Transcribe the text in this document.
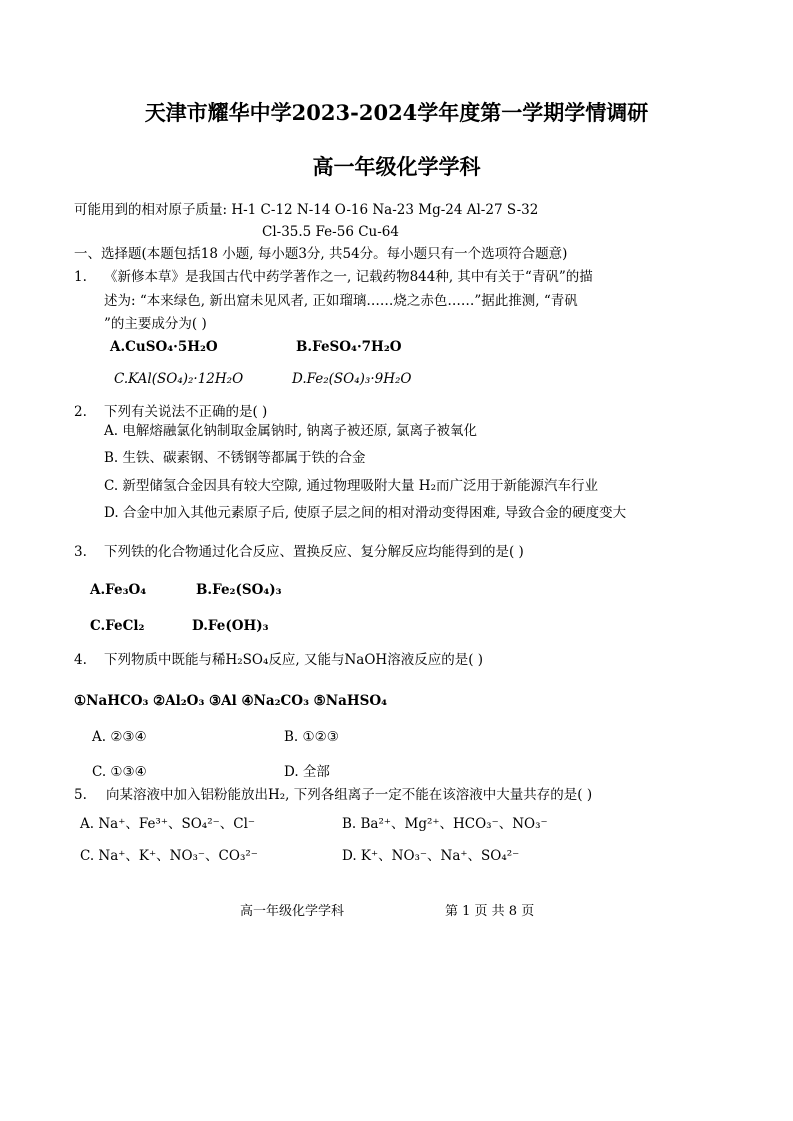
天津市耀华中学2023-2024学年度第一学期学情调研
高一年级化学学科
可能用到的相对原子质量: H-1 C-12 N-14 O-16 Na-23 Mg-24 Al-27 S-32
Cl-35.5 Fe-56 Cu-64
一、选择题(本题包括18 小题, 每小题3分, 共54分。每小题只有一个选项符合题意)
1. 《新修本草》是我国古代中药学著作之一, 记载药物844种, 其中有关于“青矾”的描
述为: “本来绿色, 新出窟未见风者, 正如瑠璃……烧之赤色……”据此推测, “青矾
”的主要成分为( )
A.CuSO₄·5H₂O	B.FeSO₄·7H₂O
C.KAl(SO₄)₂·12H₂O	D.Fe₂(SO₄)₃·9H₂O
2. 下列有关说法不正确的是( )
A. 电解熔融氯化钠制取金属钠时, 钠离子被还原, 氯离子被氧化
B. 生铁、碳素钢、不锈钢等都属于铁的合金
C. 新型储氢合金因具有较大空隙, 通过物理吸附大量 H₂而广泛用于新能源汽车行业
D. 合金中加入其他元素原子后, 使原子层之间的相对滑动变得困难, 导致合金的硬度变大
3. 下列铁的化合物通过化合反应、置换反应、复分解反应均能得到的是( )
A.Fe₃O₄	B.Fe₂(SO₄)₃
C.FeCl₂	D.Fe(OH)₃
4. 下列物质中既能与稀H₂SO₄反应, 又能与NaOH溶液反应的是( )
①NaHCO₃ ②Al₂O₃ ③Al ④Na₂CO₃ ⑤NaHSO₄
A. ②③④	B. ①②③
C. ①③④	D. 全部
5. 向某溶液中加入铝粉能放出H₂, 下列各组离子一定不能在该溶液中大量共存的是( )
A. Na⁺、Fe³⁺、SO₄²⁻、Cl⁻	B. Ba²⁺、Mg²⁺、HCO₃⁻、NO₃⁻
C. Na⁺、K⁺、NO₃⁻、CO₃²⁻	D. K⁺、NO₃⁻、Na⁺、SO₄²⁻
高一年级化学学科	第 1 页 共 8 页
